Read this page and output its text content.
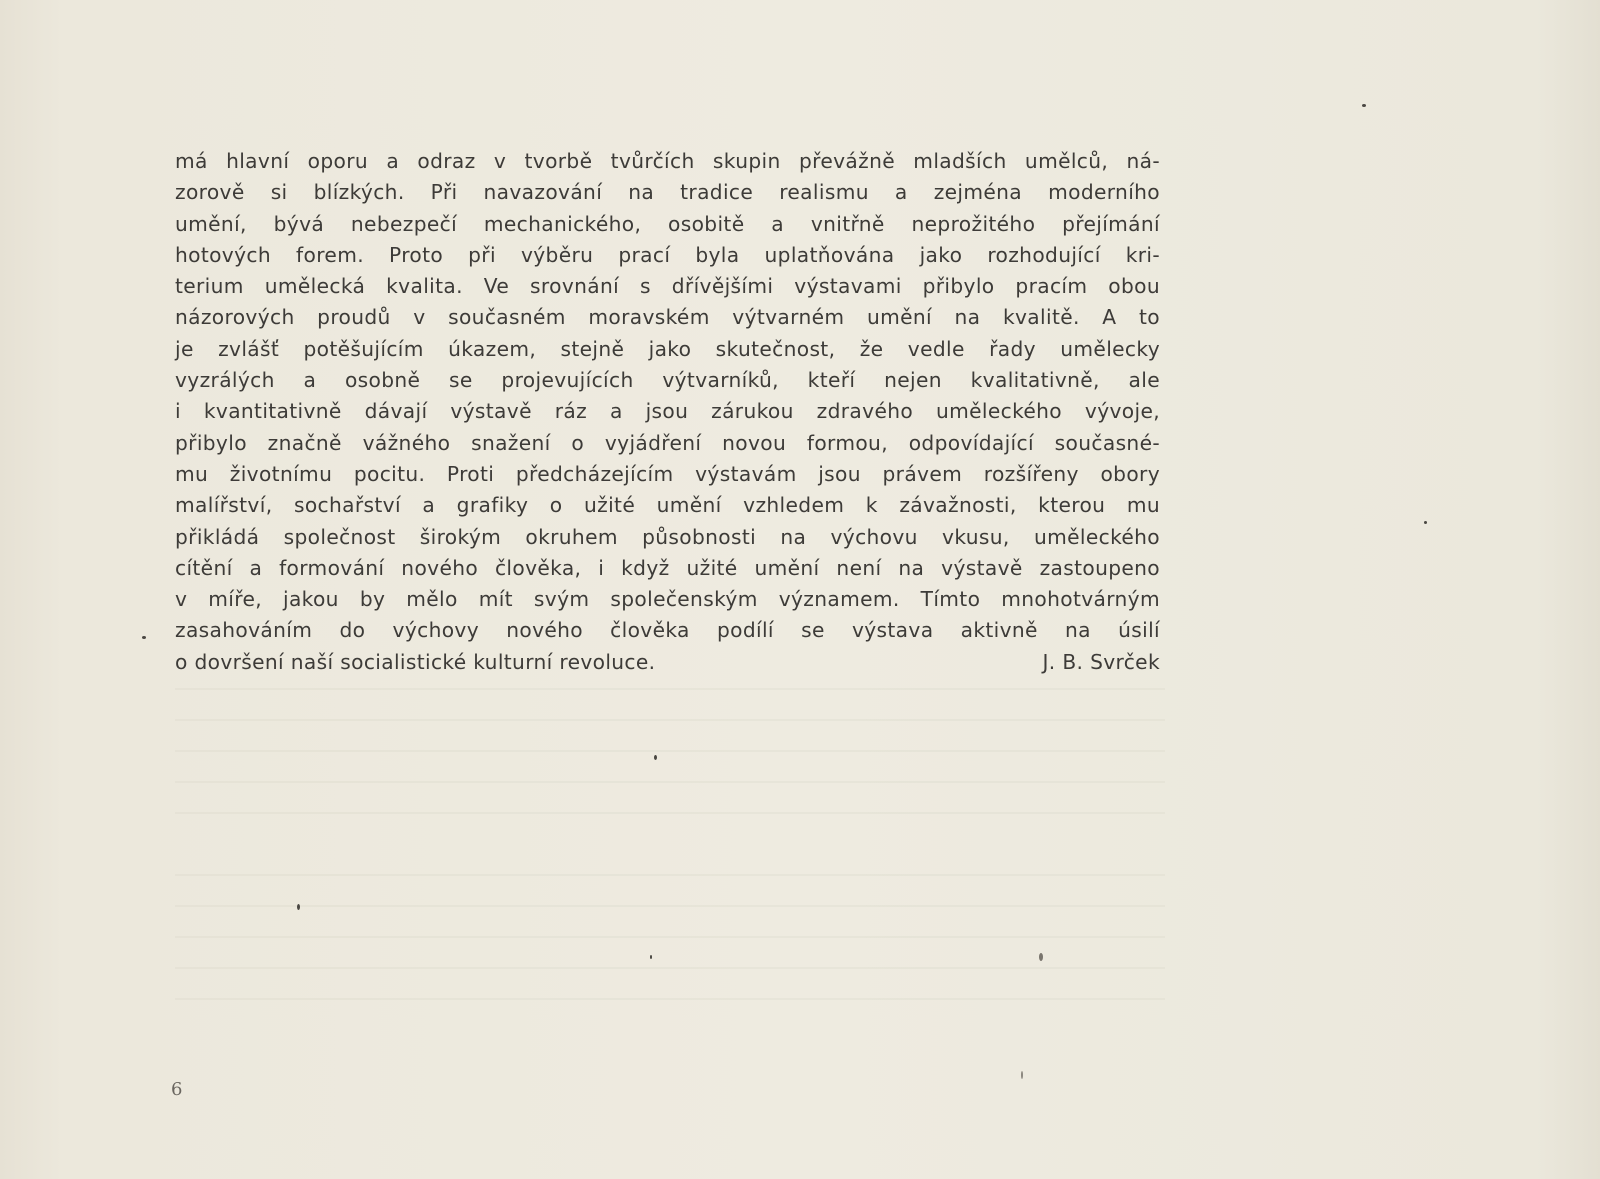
má hlavní oporu a odraz v tvorbě tvůrčích skupin převážně mladších umělců, ná-
zorově si blízkých. Při navazování na tradice realismu a zejména moderního
umění, bývá nebezpečí mechanického, osobitě a vnitřně neprožitého přejímání
hotových forem. Proto při výběru prací byla uplatňována jako rozhodující kri-
terium umělecká kvalita. Ve srovnání s dřívějšími výstavami přibylo pracím obou
názorových proudů v současném moravském výtvarném umění na kvalitě. A to
je zvlášť potěšujícím úkazem, stejně jako skutečnost, že vedle řady umělecky
vyzrálých a osobně se projevujících výtvarníků, kteří nejen kvalitativně, ale
i kvantitativně dávají výstavě ráz a jsou zárukou zdravého uměleckého vývoje,
přibylo značně vážného snažení o vyjádření novou formou, odpovídající současné-
mu životnímu pocitu. Proti předcházejícím výstavám jsou právem rozšířeny obory
malířství, sochařství a grafiky o užité umění vzhledem k závažnosti, kterou mu
přikládá společnost širokým okruhem působnosti na výchovu vkusu, uměleckého
cítění a formování nového člověka, i když užité umění není na výstavě zastoupeno
v míře, jakou by mělo mít svým společenským významem. Tímto mnohotvárným
zasahováním do výchovy nového člověka podílí se výstava aktivně na úsilí
o dovršení naší socialistické kulturní revoluce.	J. B. Svrček
6
